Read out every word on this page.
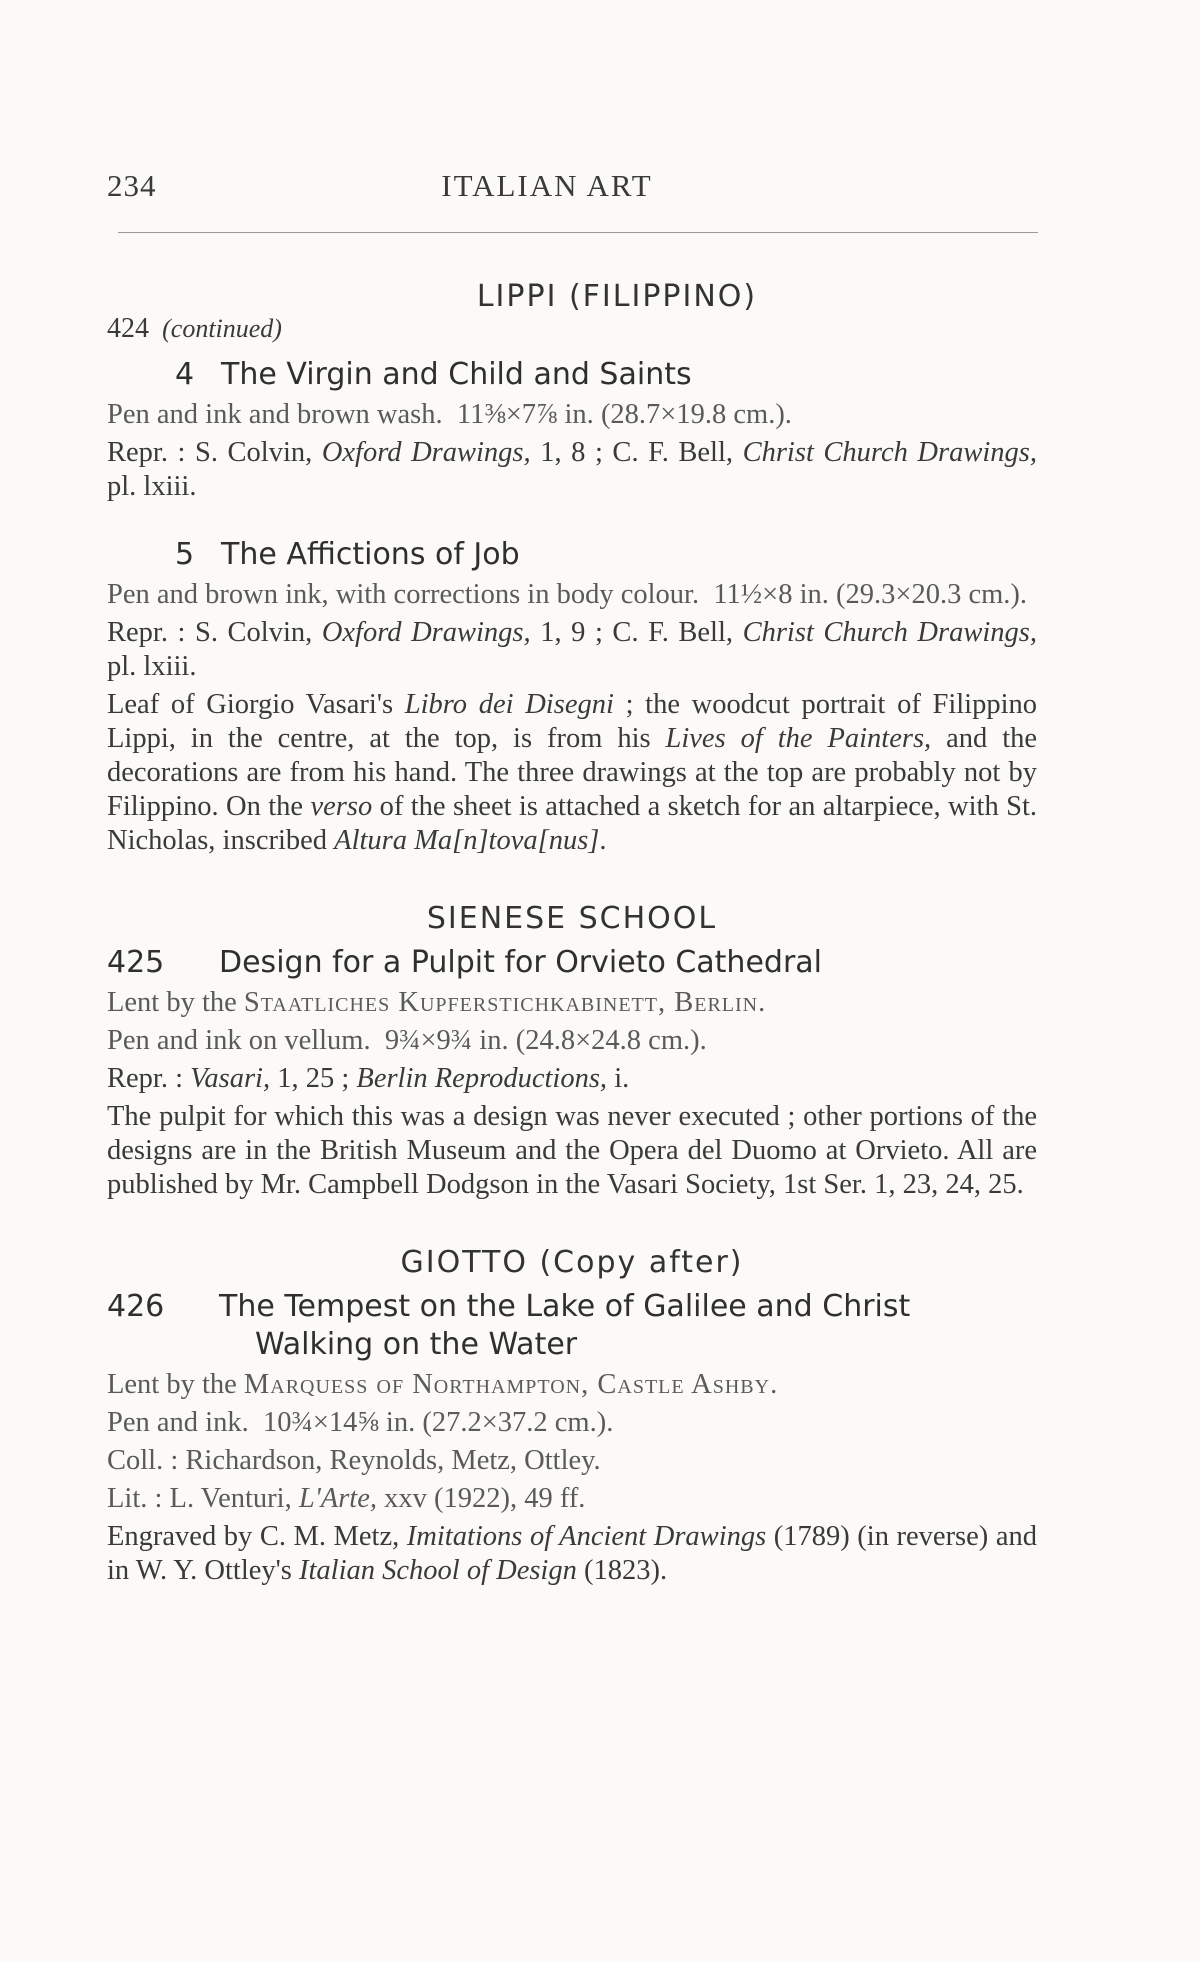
234	ITALIAN ART
LIPPI (FILIPPINO)
424 (continued)
4 The Virgin and Child and Saints
Pen and ink and brown wash. 11⅜×7⅞ in. (28.7×19.8 cm.).
Repr. : S. Colvin, Oxford Drawings, 1, 8 ; C. F. Bell, Christ Church Drawings, pl. lxiii.
5 The Affictions of Job
Pen and brown ink, with corrections in body colour. 11½×8 in. (29.3×20.3 cm.).
Repr. : S. Colvin, Oxford Drawings, 1, 9 ; C. F. Bell, Christ Church Drawings, pl. lxiii.
Leaf of Giorgio Vasari's Libro dei Disegni ; the woodcut portrait of Filippino Lippi, in the centre, at the top, is from his Lives of the Painters, and the decorations are from his hand. The three drawings at the top are probably not by Filippino. On the verso of the sheet is attached a sketch for an altarpiece, with St. Nicholas, inscribed Altura Ma[n]tova[nus].
SIENESE SCHOOL
425	Design for a Pulpit for Orvieto Cathedral
Lent by the Staatliches Kupferstichkabinett, Berlin.
Pen and ink on vellum. 9¾×9¾ in. (24.8×24.8 cm.).
Repr. : Vasari, 1, 25 ; Berlin Reproductions, i.
The pulpit for which this was a design was never executed ; other portions of the designs are in the British Museum and the Opera del Duomo at Orvieto. All are published by Mr. Campbell Dodgson in the Vasari Society, 1st Ser. 1, 23, 24, 25.
GIOTTO (Copy after)
426	The Tempest on the Lake of Galilee and Christ
Walking on the Water
Lent by the Marquess of Northampton, Castle Ashby.
Pen and ink. 10¾×14⅝ in. (27.2×37.2 cm.).
Coll. : Richardson, Reynolds, Metz, Ottley.
Lit. : L. Venturi, L'Arte, xxv (1922), 49 ff.
Engraved by C. M. Metz, Imitations of Ancient Drawings (1789) (in reverse) and in W. Y. Ottley's Italian School of Design (1823).
